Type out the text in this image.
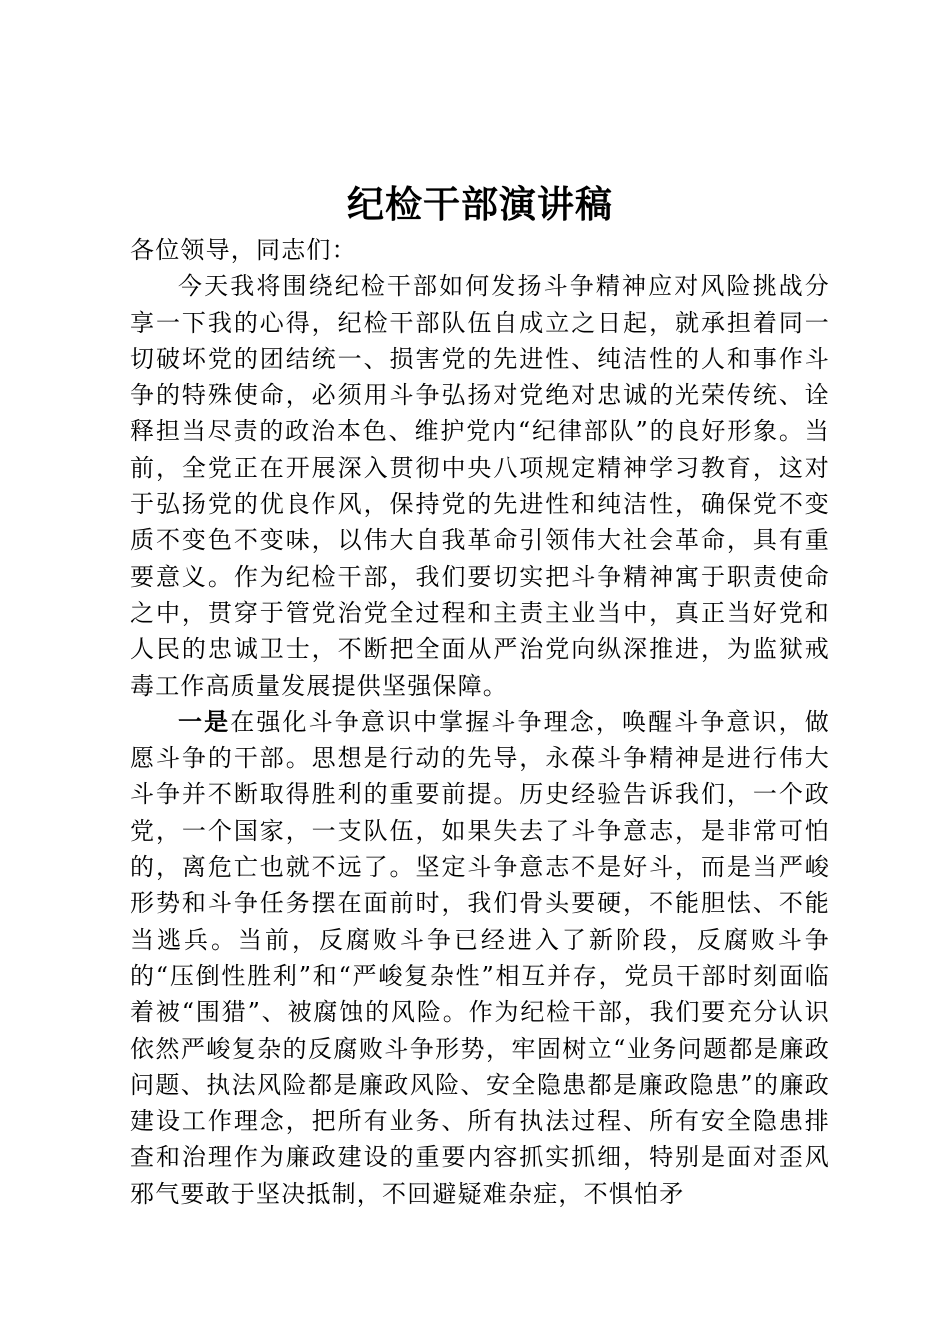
纪检干部演讲稿

各位领导，同志们：

今天我将围绕纪检干部如何发扬斗争精神应对风险挑战分享一下我的心得，纪检干部队伍自成立之日起，就承担着同一切破坏党的团结统一、损害党的先进性、纯洁性的人和事作斗争的特殊使命，必须用斗争弘扬对党绝对忠诚的光荣传统、诠释担当尽责的政治本色、维护党内“纪律部队”的良好形象。当前，全党正在开展深入贯彻中央八项规定精神学习教育，这对于弘扬党的优良作风，保持党的先进性和纯洁性，确保党不变质不变色不变味，以伟大自我革命引领伟大社会革命，具有重要意义。作为纪检干部，我们要切实把斗争精神寓于职责使命之中，贯穿于管党治党全过程和主责主业当中，真正当好党和人民的忠诚卫士，不断把全面从严治党向纵深推进，为监狱戒毒工作高质量发展提供坚强保障。

一是在强化斗争意识中掌握斗争理念，唤醒斗争意识，做愿斗争的干部。思想是行动的先导，永葆斗争精神是进行伟大斗争并不断取得胜利的重要前提。历史经验告诉我们，一个政党，一个国家，一支队伍，如果失去了斗争意志，是非常可怕的，离危亡也就不远了。坚定斗争意志不是好斗，而是当严峻形势和斗争任务摆在面前时，我们骨头要硬，不能胆怯、不能当逃兵。当前，反腐败斗争已经进入了新阶段，反腐败斗争的“压倒性胜利”和“严峻复杂性”相互并存，党员干部时刻面临着被“围猎”、被腐蚀的风险。作为纪检干部，我们要充分认识依然严峻复杂的反腐败斗争形势，牢固树立“业务问题都是廉政问题、执法风险都是廉政风险、安全隐患都是廉政隐患”的廉政建设工作理念，把所有业务、所有执法过程、所有安全隐患排查和治理作为廉政建设的重要内容抓实抓细，特别是面对歪风邪气要敢于坚决抵制，不回避疑难杂症，不惧怕矛
